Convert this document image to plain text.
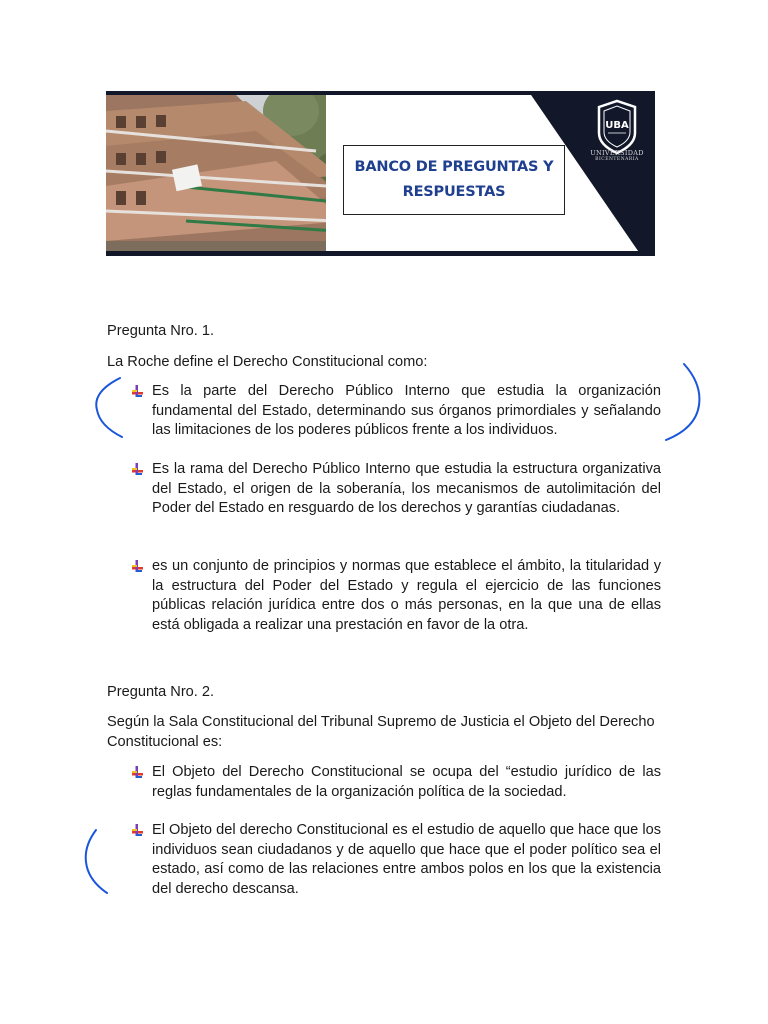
BANCO DE PREGUNTAS Y
RESPUESTAS
UBA
UNIVERSIDAD
BICENTENARIA
Pregunta Nro. 1.
La Roche define el Derecho Constitucional como:
Es la parte del Derecho Público Interno que estudia la organización fundamental del Estado, determinando sus órganos primordiales y señalando las limitaciones de los poderes públicos frente a los individuos.
Es la rama del Derecho Público Interno que estudia la estructura organizativa del Estado, el origen de la soberanía, los mecanismos de autolimitación del Poder del Estado en resguardo de los derechos y garantías ciudadanas.
es un conjunto de principios y normas que establece el ámbito, la titularidad y la estructura del Poder del Estado y regula el ejercicio de las funciones públicas relación jurídica entre dos o más personas, en la que una de ellas está obligada a realizar una prestación en favor de la otra.
Pregunta Nro. 2.
Según la Sala Constitucional del Tribunal Supremo de Justicia el Objeto del Derecho Constitucional es:
El Objeto del Derecho Constitucional se ocupa del “estudio jurídico de las reglas fundamentales de la organización política de la sociedad.
El Objeto del derecho Constitucional es el estudio de aquello que hace que los individuos sean ciudadanos y de aquello que hace que el poder político sea el estado, así como de las relaciones entre ambos polos en los que la existencia del derecho descansa.
